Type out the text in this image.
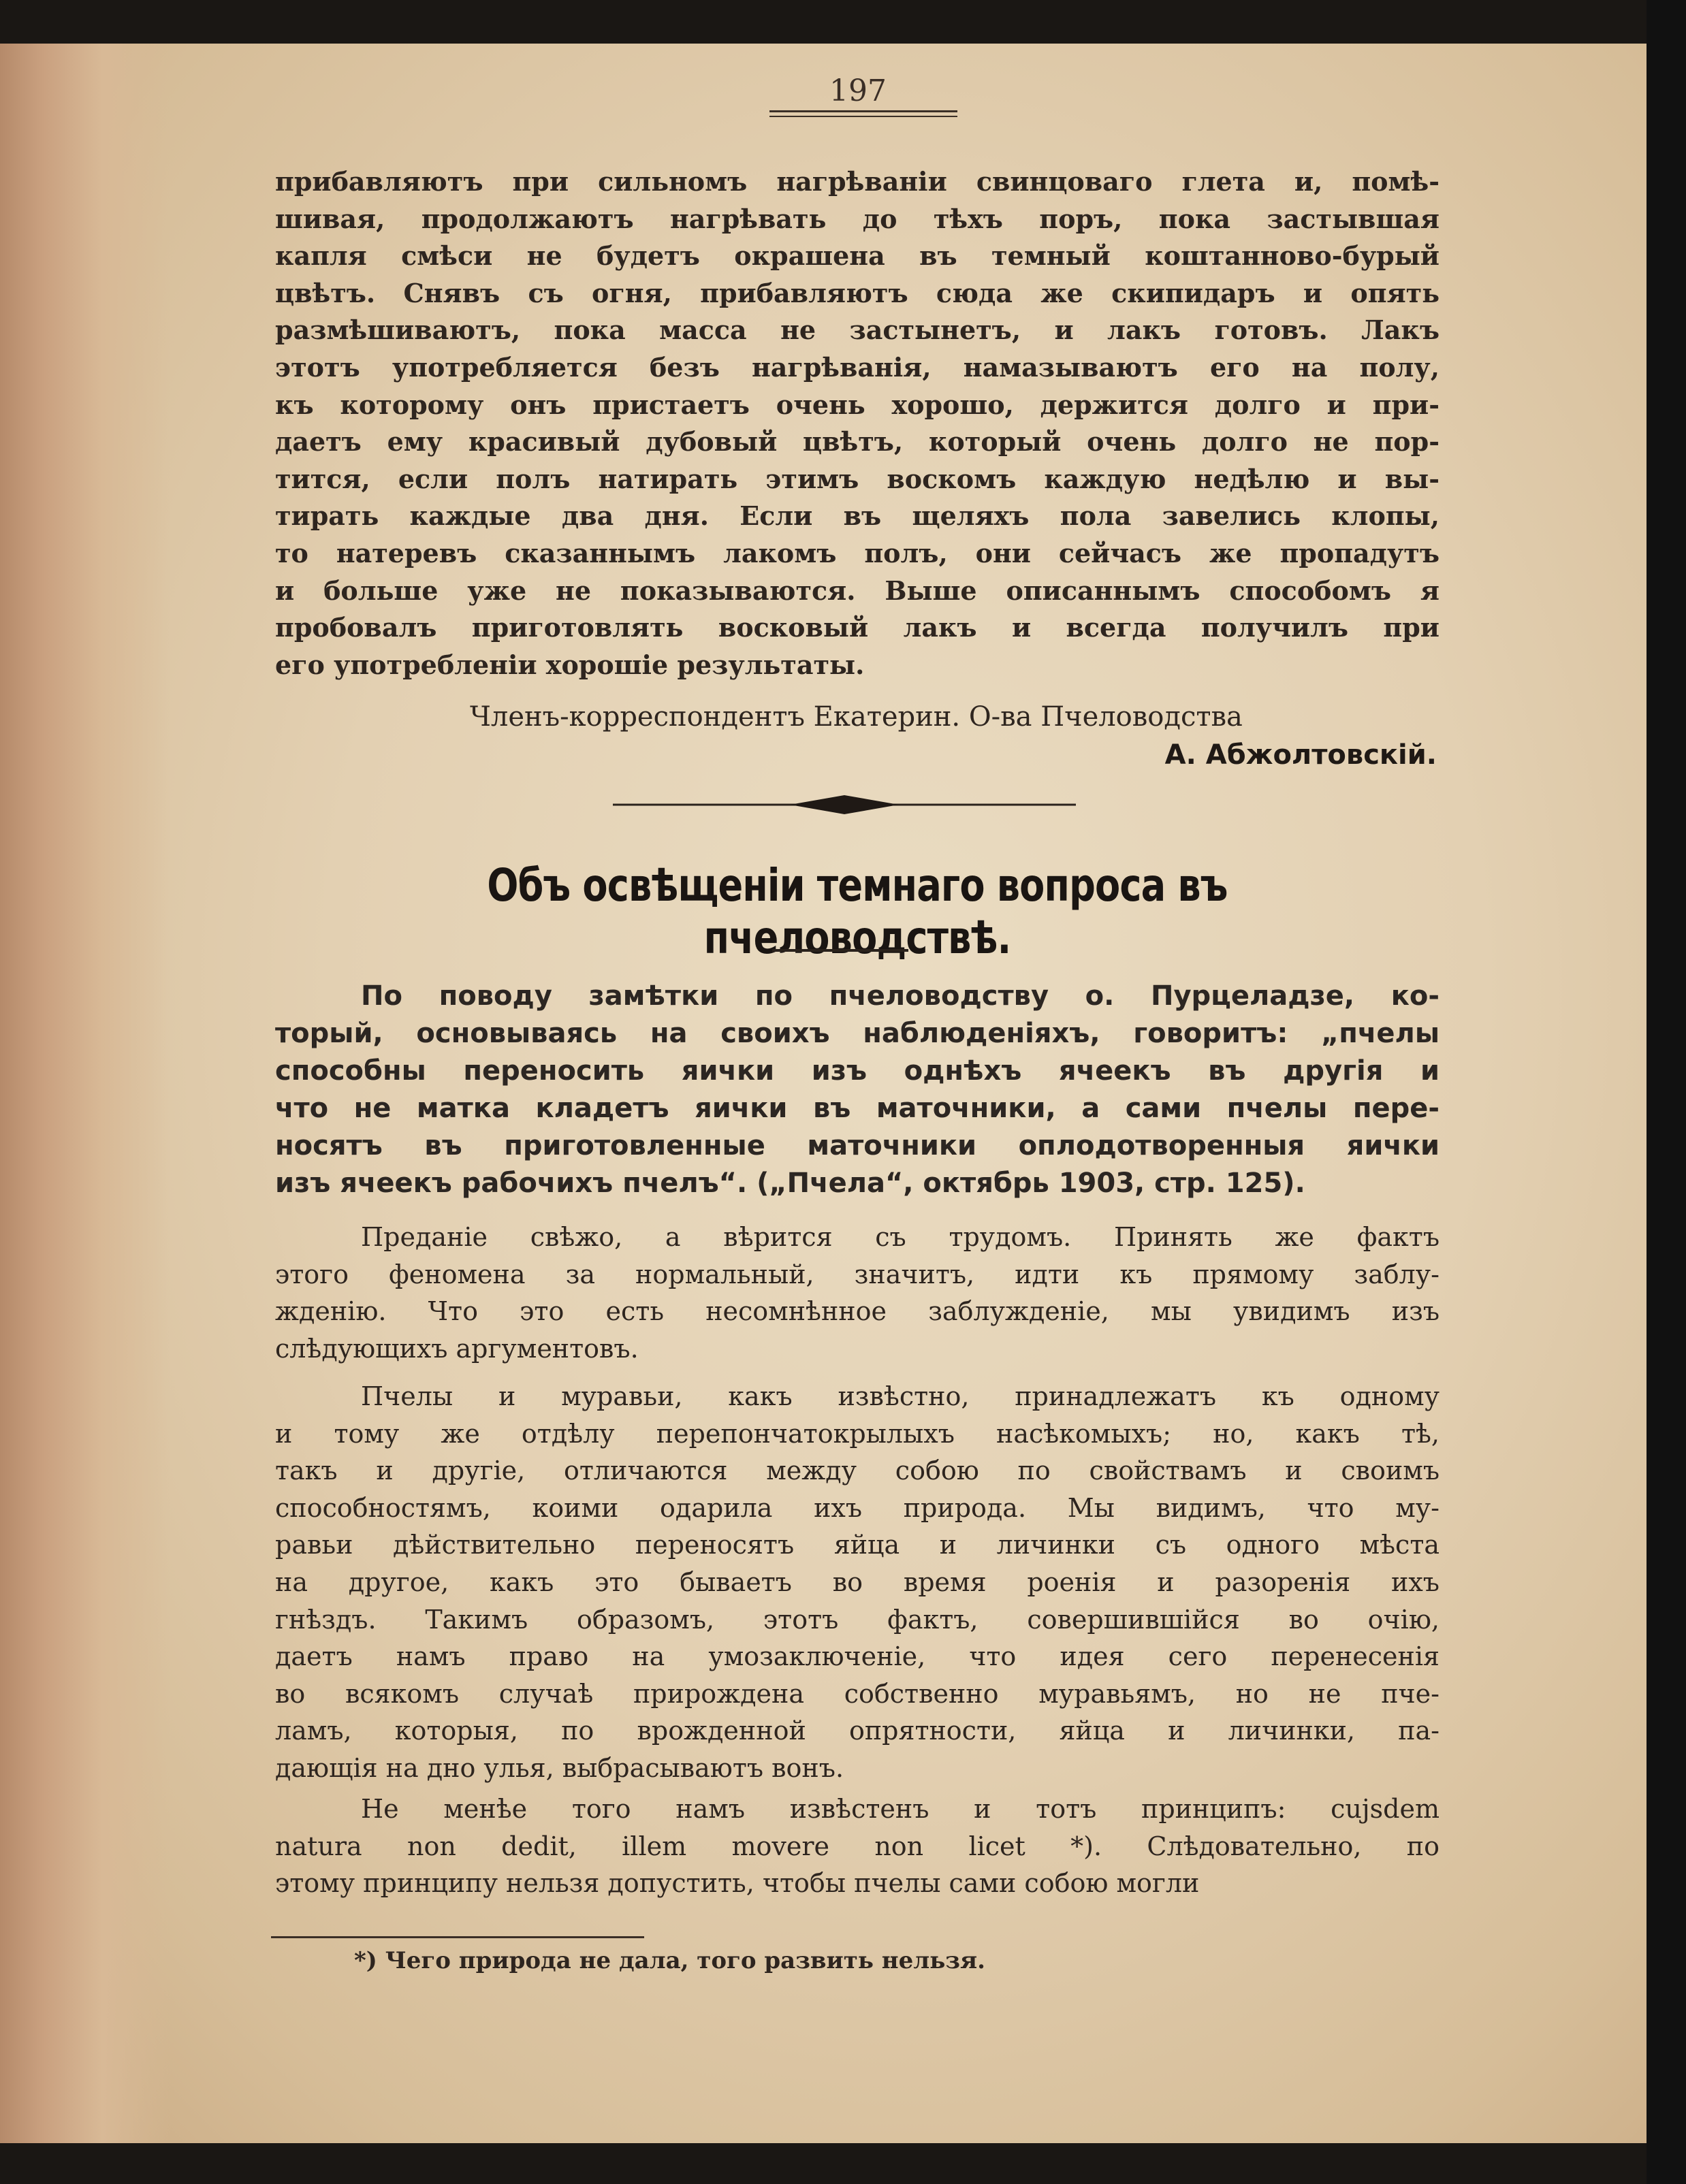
197
прибавляютъ при сильномъ нагрѣваніи свинцоваго глета и, помѣ-
шивая, продолжаютъ нагрѣвать до тѣхъ поръ, пока застывшая
капля смѣси не будетъ окрашена въ темный коштанново-бурый
цвѣтъ. Снявъ съ огня, прибавляютъ сюда же скипидаръ и опять
размѣшиваютъ, пока масса не застынетъ, и лакъ готовъ. Лакъ
этотъ употребляется безъ нагрѣванія, намазываютъ его на полу,
къ которому онъ пристаетъ очень хорошо, держится долго и при-
даетъ ему красивый дубовый цвѣтъ, который очень долго не пор-
тится, если полъ натирать этимъ воскомъ каждую недѣлю и вы-
тирать каждые два дня. Если въ щеляхъ пола завелись клопы,
то натеревъ сказаннымъ лакомъ полъ, они сейчасъ же пропадутъ
и больше уже не показываются. Выше описаннымъ способомъ я
пробовалъ приготовлять восковый лакъ и всегда получилъ при
его употребленіи хорошіе результаты.
Членъ-корреспондентъ Екатерин. О-ва Пчеловодства
А. Абжолтовскій.
Объ освѣщеніи темнаго вопроса въ пчеловодствѣ.
По поводу замѣтки по пчеловодству о. Пурцеладзе, ко-
торый, основываясь на своихъ наблюденіяхъ, говоритъ: „пчелы
способны переносить яички изъ однѣхъ ячеекъ въ другія и
что не матка кладетъ яички въ маточники, а сами пчелы пере-
носятъ въ приготовленные маточники оплодотворенныя яички
изъ ячеекъ рабочихъ пчелъ“. („Пчела“, октябрь 1903, стр. 125).
Преданіе свѣжо, а вѣрится съ трудомъ. Принять же фактъ
этого феномена за нормальный, значитъ, идти къ прямому заблу-
жденію. Что это есть несомнѣнное заблужденіе, мы увидимъ изъ
слѣдующихъ аргументовъ.
Пчелы и муравьи, какъ извѣстно, принадлежатъ къ одному
и тому же отдѣлу перепончатокрылыхъ насѣкомыхъ; но, какъ тѣ,
такъ и другіе, отличаются между собою по свойствамъ и своимъ
способностямъ, коими одарила ихъ природа. Мы видимъ, что му-
равьи дѣйствительно переносятъ яйца и личинки съ одного мѣста
на другое, какъ это бываетъ во время роенія и разоренія ихъ
гнѣздъ. Такимъ образомъ, этотъ фактъ, совершившійся во очію,
даетъ намъ право на умозаключеніе, что идея сего перенесенія
во всякомъ случаѣ прирождена собственно муравьямъ, но не пче-
ламъ, которыя, по врожденной опрятности, яйца и личинки, па-
дающія на дно улья, выбрасываютъ вонъ.
Не менѣе того намъ извѣстенъ и тотъ принципъ: cujsdem
natura non dedit, illem movere non licet *). Слѣдовательно, по
этому принципу нельзя допустить, чтобы пчелы сами собою могли
*) Чего природа не дала, того развить нельзя.
